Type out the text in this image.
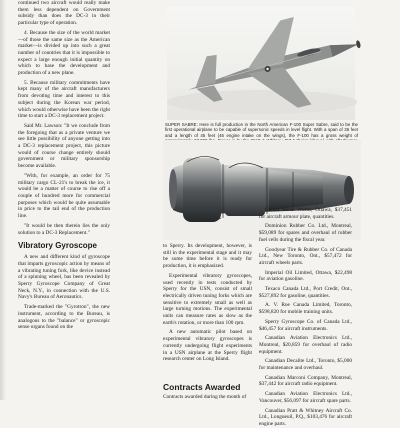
continued two aircraft would really make them less dependent on Government subsidy than does the DC-3 in their particular type of operation.

4. Because the size of the world market—of those the same size as the American market—is divided up into such a great number of countries that it is impossible to expect a large enough initial quantity on which to base the development and production of a new plane.

5. Because military commitments have kept many of the aircraft manufacturers from devoting time and interest to this subject during the Korean war period, which would otherwise have been the right time to start a DC-3 replacement project.

Said Mr. Lawson: "It we conclude from the foregoing that as a private venture we see little possibility of anyone getting into a DC-3 replacement project, this picture would of course change entirely should government or military sponsorship become available.

"With, for example, an order for 75 military cargo CL-21's to break the ice, it would be a matter of course to rise off a couple of hundred more for commercial purposes which would be quite assumable in price to the tail end of the production line.

"It would be then therein lies the only solution to a DC-3 Replacement."

Vibratory Gyroscope

A new and different kind of gyroscope that imparts gyroscopic action by means of a vibrating tuning fork, like device instead of a spinning wheel, has been revealed by Sperry Gyroscope Company of Great Neck, N.Y., in connection with the U.S. Navy's Bureau of Aeronautics.

Trade-marked the "Gyrotron", the new instrument, according to the Bureau, is analogous to the "balance" or gyroscopic sense organs found on the

SUPER SABRE: Here is full production in the North American F-100 Super Sabre, said to be the first operational airplane to be capable of supersonic speeds in level flight. With a span of 36 feet and a length of 45 feet (46 engine intake on the wings), the F-100 has a gross weight of

to Sperry. Its development, however, is still in the experimental stage and it may be some time before it is ready for production, it is emphasized.

Experimental vibratory gyroscopes, used recently in tests conducted by Sperry for the USN, consist of small electrically driven tuning forks which are sensitive to extremely small as well as large turning motions. The experimental units can measure rates as slow as the earth's rotation, or more than 100 rpm.

A new automatic pilot based on experimental vibratory gyroscopes is currently undergoing flight experiments in a USN airplane at the Sperry flight research center on Long Island.

Contracts Awarded

Contracts awarded during the month of

Gerald Metal Works, Ottawa, $37,451 for aircraft armour plate, quantities.

Dominion Rubber Co. Ltd., Montreal, $59,089 for spares and overhaul of rubber fuel cells during the fiscal year.

Goodyear Tire & Rubber Co. of Canada Ltd., New Toronto, Ont., $57,472 for aircraft wheels parts.

Imperial Oil Limited, Ottawa, $22,498 for aviation gasoline.

Texaco Canada Ltd., Port Credit, Ont., $527,892 for gasoline, quantities.

A. V. Roe Canada Limited, Toronto, $598,820 for mobile training units.

Sperry Gyroscope Co. of Canada Ltd., $46,457 for aircraft instruments.

Canadian Aviation Electronics Ltd., Montreal, $20,859 for overhaul of radio equipment.

Canadian Decalite Ltd., Toronto, $5,000 for maintenance and overhaul.

Canadian Marconi Company, Montreal, $37,442 for aircraft radio equipment.

Canadian Aviation Electronics Ltd., Vancouver, $56,097 for aircraft spare parts.

Canadian Pratt & Whitney Aircraft Co. Ltd., Longueuil, P.Q., $103,476 for aircraft engine parts.
